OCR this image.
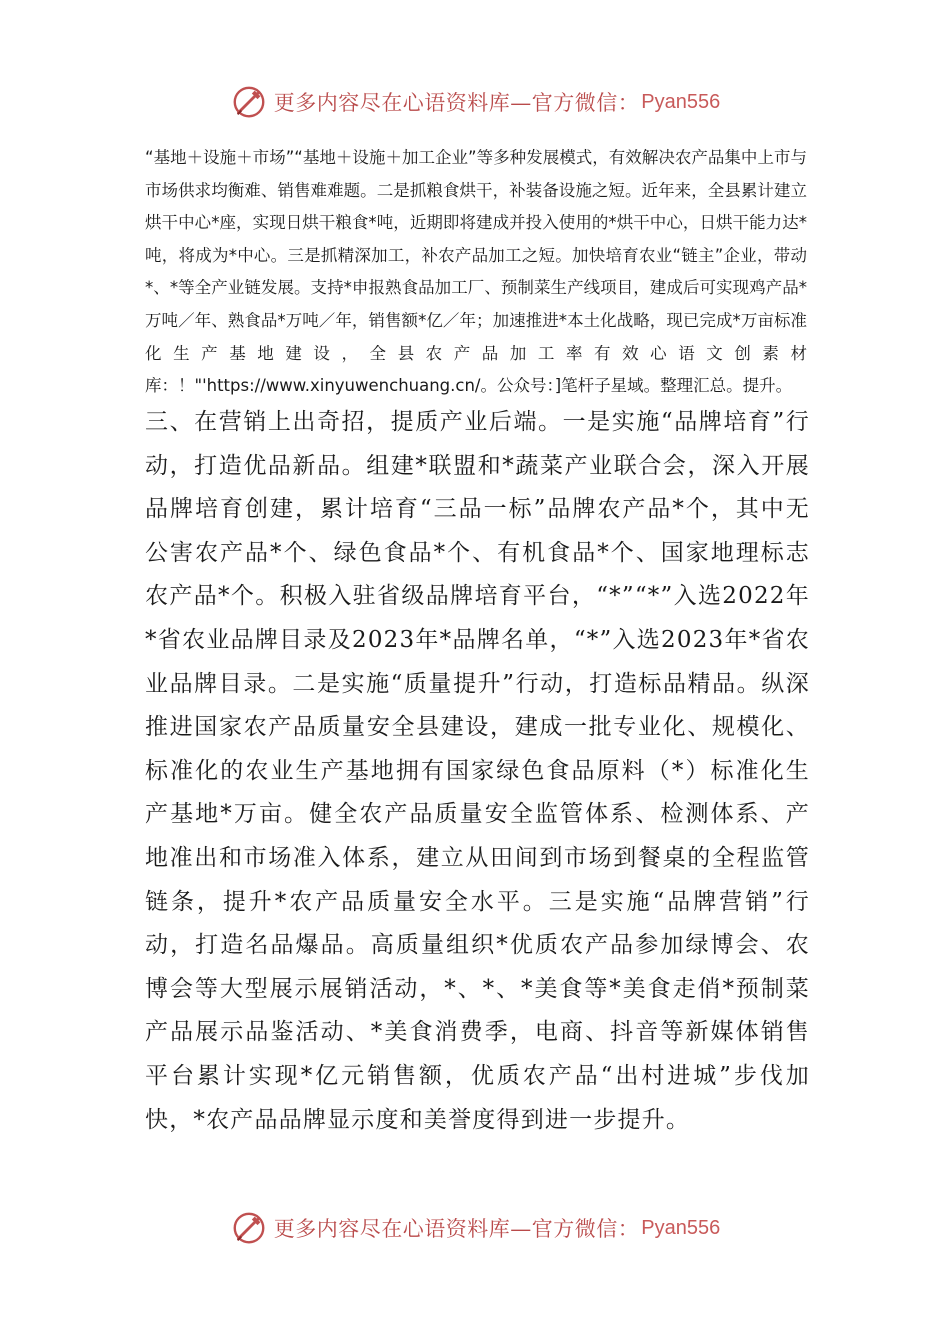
更多内容尽在心语资料库—官方微信： Pyan556

“基地＋设施＋市场”“基地＋设施＋加工企业”等多种发展模式，有效解决农产品集中上市与市场供求均衡难、销售难难题。二是抓粮食烘干，补装备设施之短。近年来，全县累计建立烘干中心*座，实现日烘干粮食*吨，近期即将建成并投入使用的*烘干中心，日烘干能力达*吨，将成为*中心。三是抓精深加工，补农产品加工之短。加快培育农业“链主”企业，带动*、*等全产业链发展。支持*申报熟食品加工厂、预制菜生产线项目，建成后可实现鸡产品*万吨／年、熟食品*万吨／年，销售额*亿／年；加速推进*本土化战略，现已完成*万亩标准化生产基地建设，全县农产品加工率有效心语文创素材库：！"'https://www.xinyuwenchuang.cn/。公众号：]笔杆子星域。整理汇总。提升。

三、在营销上出奇招，提质产业后端。一是实施“品牌培育”行动，打造优品新品。组建*联盟和*蔬菜产业联合会，深入开展品牌培育创建，累计培育“三品一标”品牌农产品*个，其中无公害农产品*个、绿色食品*个、有机食品*个、国家地理标志农产品*个。积极入驻省级品牌培育平台，“*”“*”入选2022年*省农业品牌目录及2023年*品牌名单，“*”入选2023年*省农业品牌目录。二是实施“质量提升”行动，打造标品精品。纵深推进国家农产品质量安全县建设，建成一批专业化、规模化、标准化的农业生产基地拥有国家绿色食品原料（*）标准化生产基地*万亩。健全农产品质量安全监管体系、检测体系、产地准出和市场准入体系，建立从田间到市场到餐桌的全程监管链条，提升*农产品质量安全水平。三是实施“品牌营销”行动，打造名品爆品。高质量组织*优质农产品参加绿博会、农博会等大型展示展销活动，*、*、*美食等*美食走俏*预制菜产品展示品鉴活动、*美食消费季，电商、抖音等新媒体销售平台累计实现*亿元销售额，优质农产品“出村进城”步伐加快，*农产品品牌显示度和美誉度得到进一步提升。

更多内容尽在心语资料库—官方微信： Pyan556
